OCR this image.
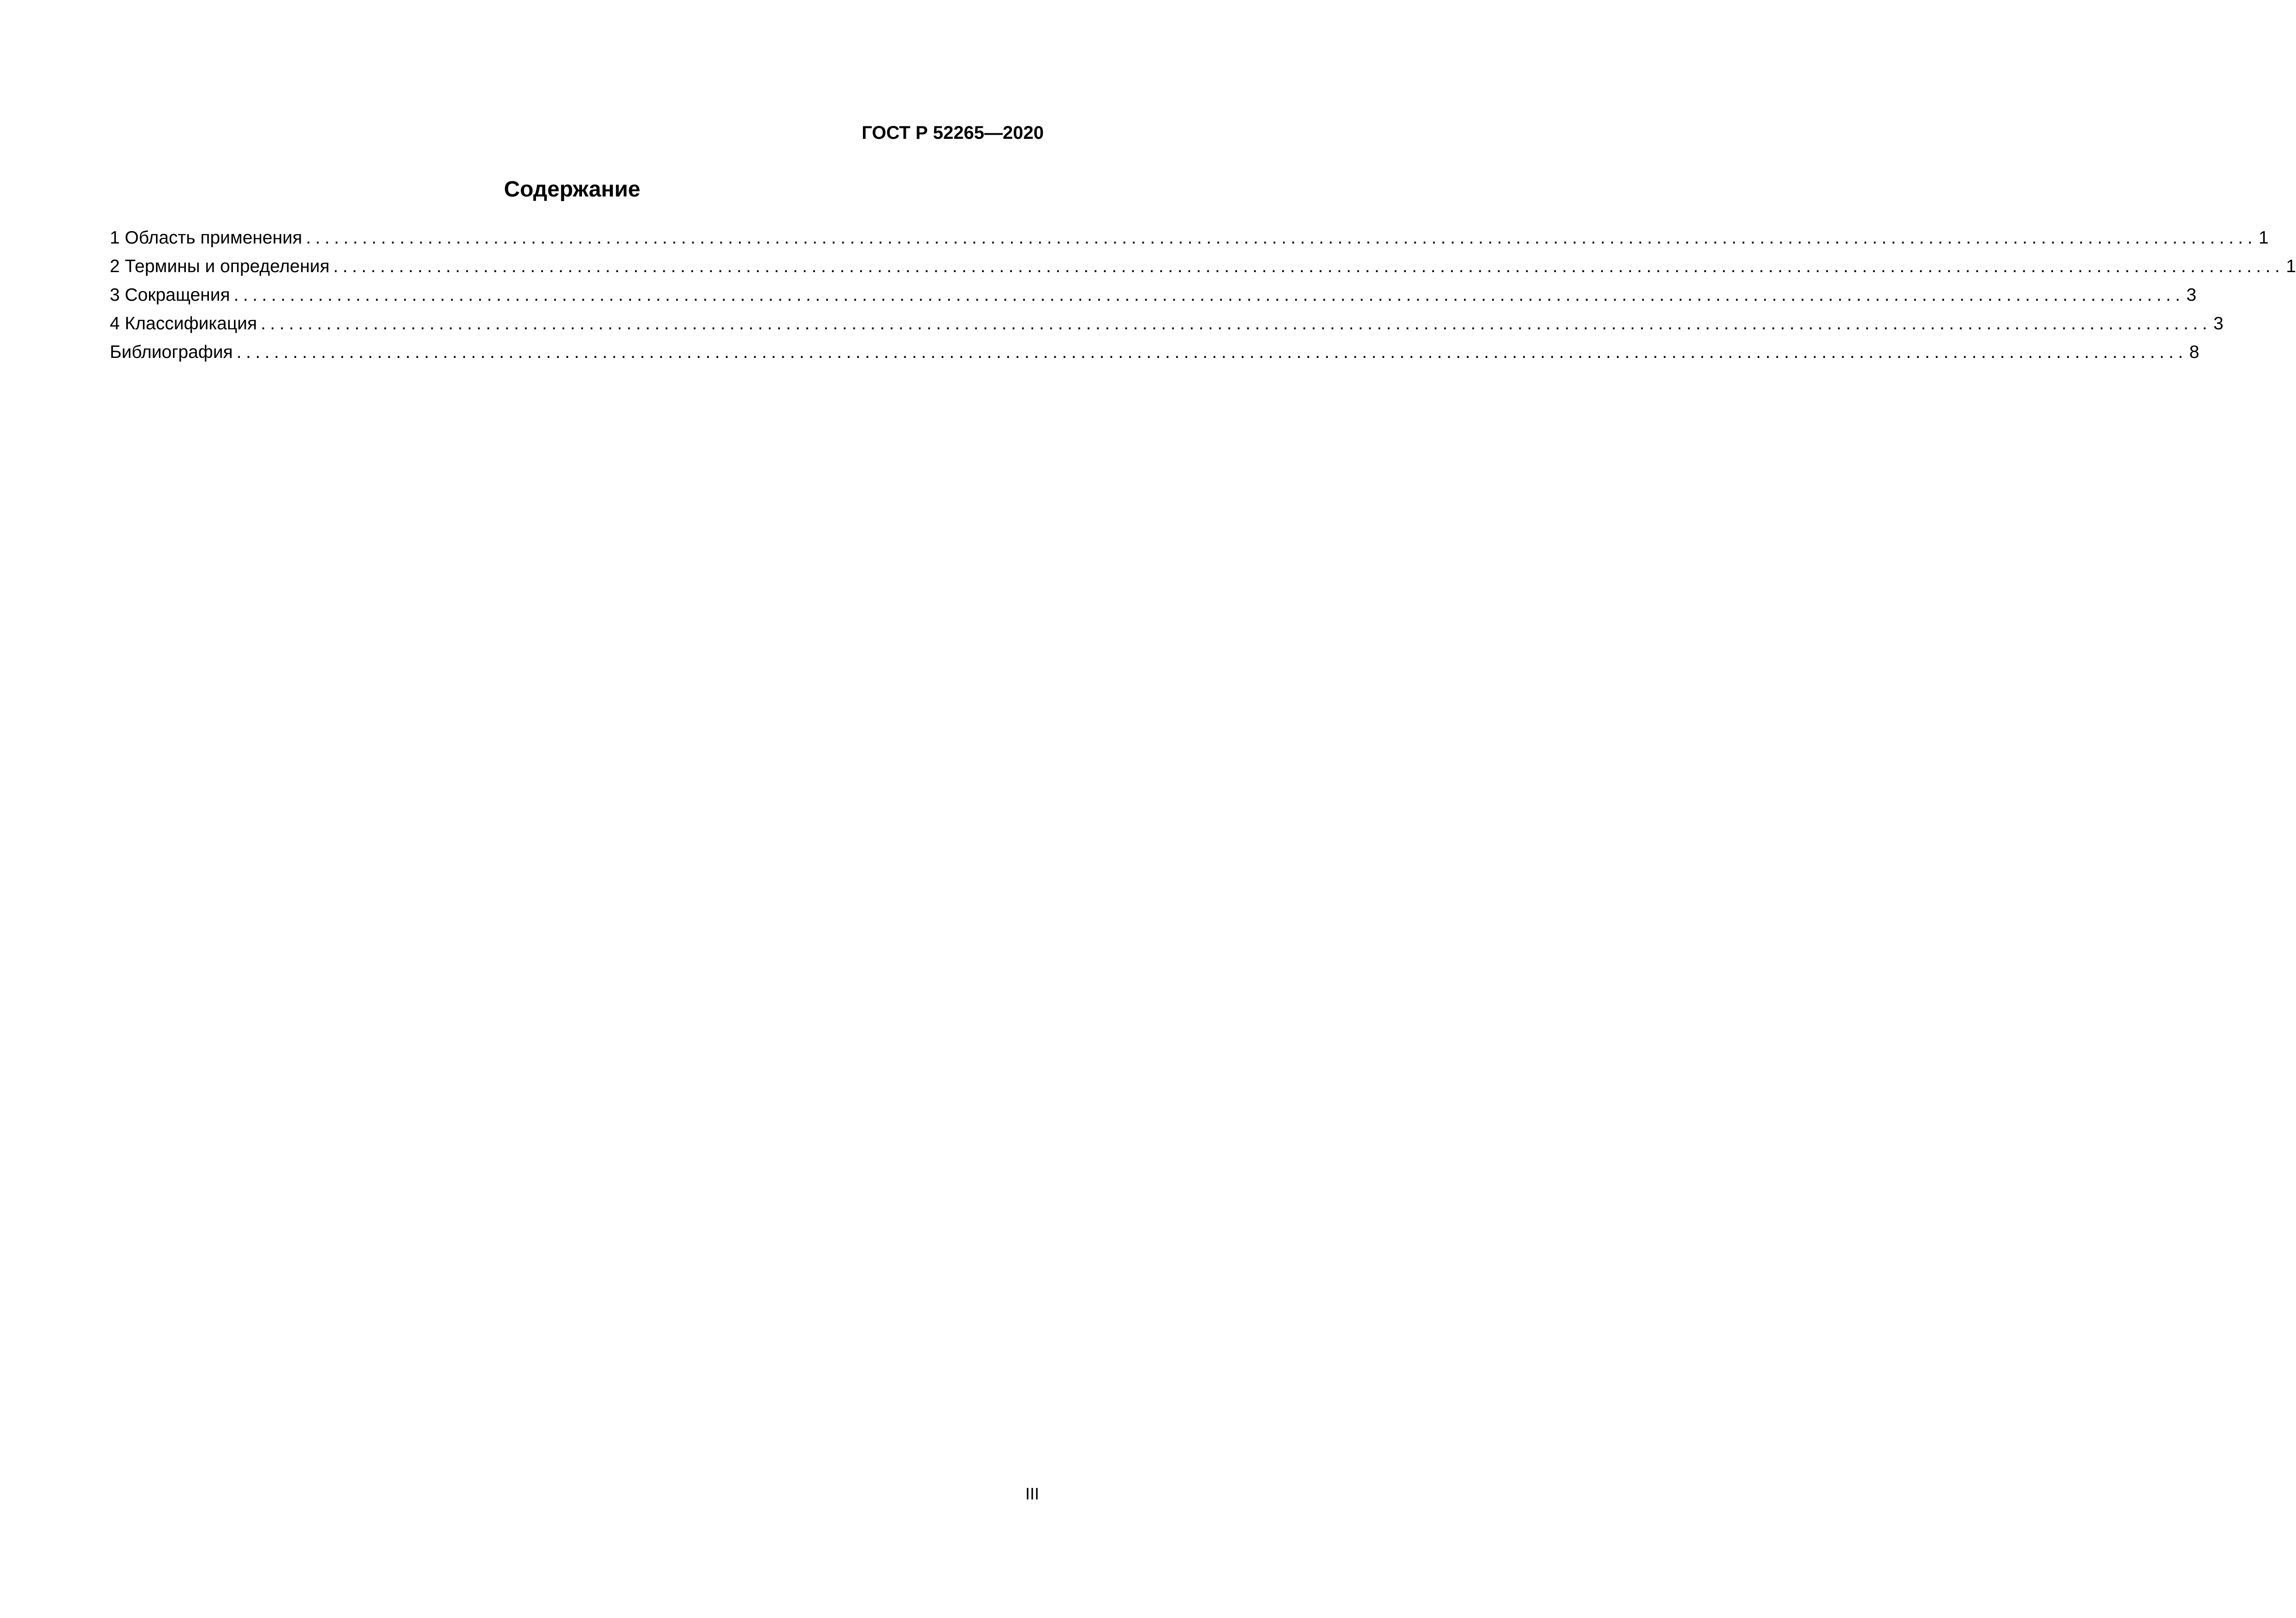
ГОСТ Р 52265—2020
Содержание
1 Область применения ................................................................................................................................................................................................................ 1
2 Термины и определения ................................................................................................................................................................................................................ 1
3 Сокращения ................................................................................................................................................................................................................ 3
4 Классификация ................................................................................................................................................................................................................ 3
Библиография ................................................................................................................................................................................................................ 8
III
